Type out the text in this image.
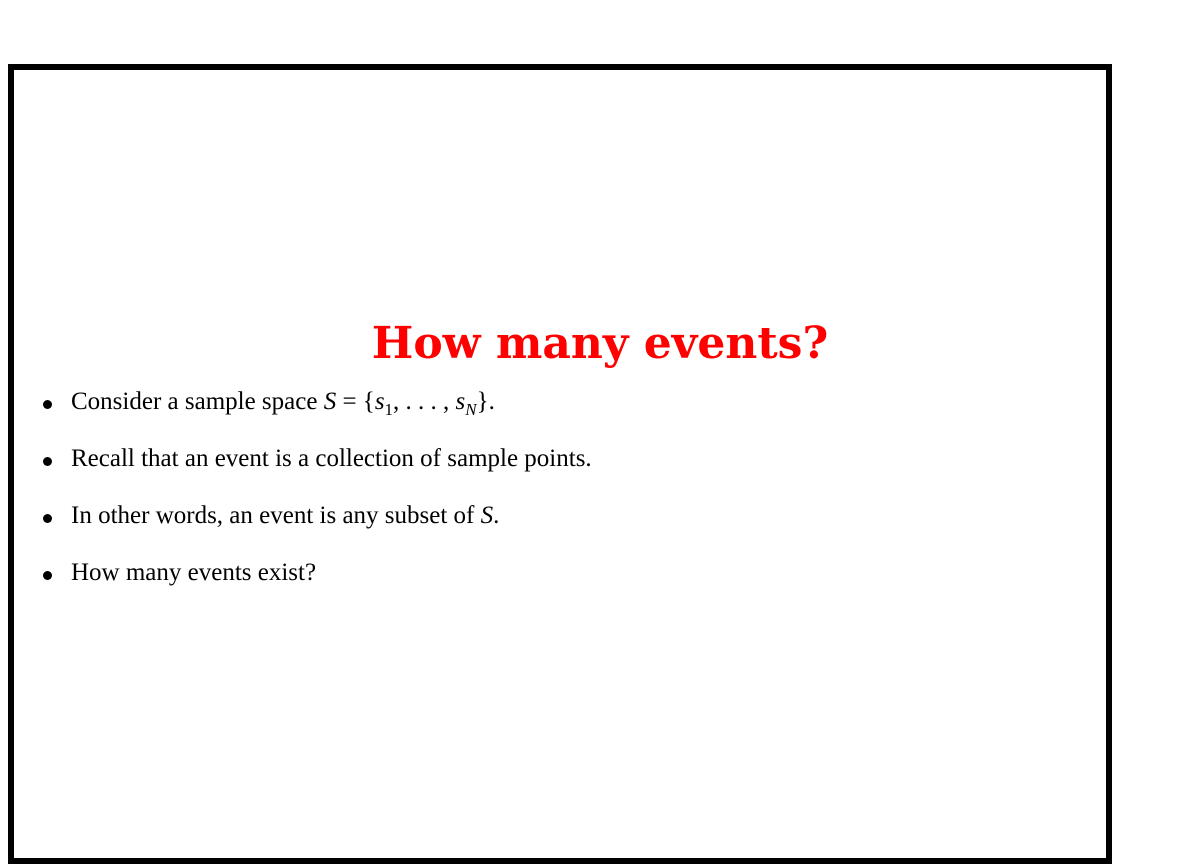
How many events?
Consider a sample space $S = \{s_1$, . . . , $s_N$}.
Recall that an event is a collection of sample points.
In other words, an event is any subset of S.
How many events exist?
